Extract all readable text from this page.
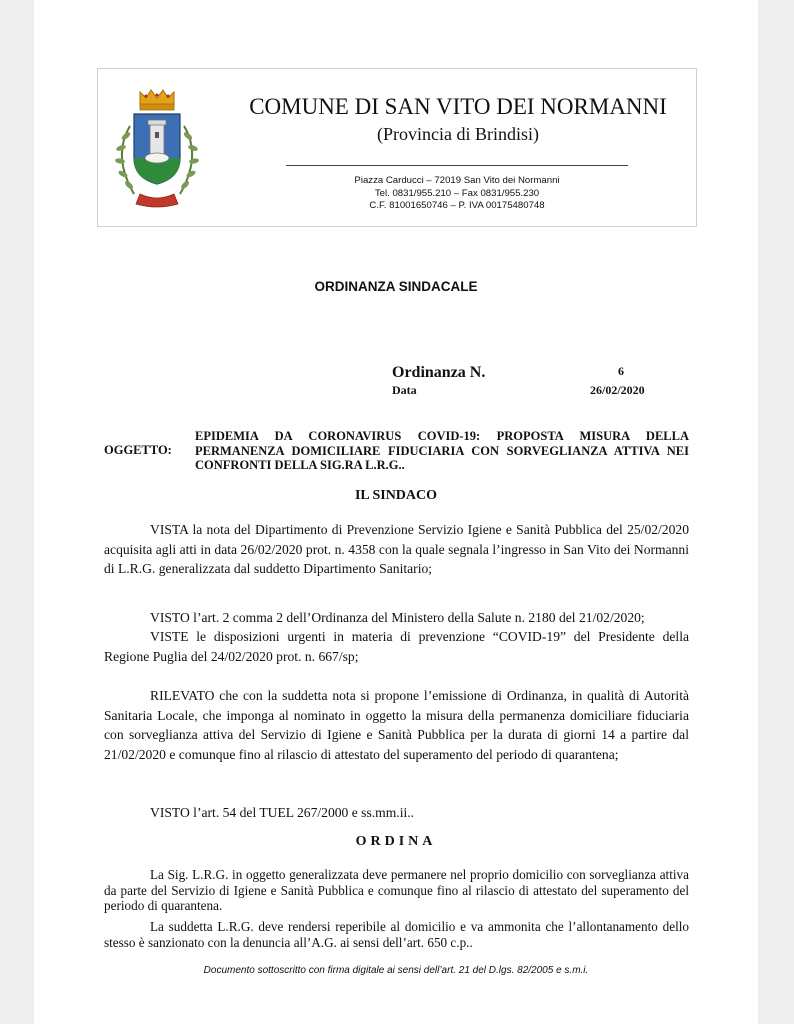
COMUNE DI SAN VITO DEI NORMANNI
(Provincia di Brindisi)
Piazza Carducci – 72019 San Vito dei Normanni
Tel. 0831/955.210 – Fax 0831/955.230
C.F. 81001650746 – P. IVA 00175480748
ORDINANZA SINDACALE
Ordinanza N.	6
Data	26/02/2020
OGGETTO:
EPIDEMIA DA CORONAVIRUS COVID-19: PROPOSTA MISURA DELLA PERMANENZA DOMICILIARE FIDUCIARIA CON SORVEGLIANZA ATTIVA NEI CONFRONTI DELLA SIG.RA L.R.G..
IL SINDACO
VISTA la nota del Dipartimento di Prevenzione Servizio Igiene e Sanità Pubblica del 25/02/2020 acquisita agli atti in data 26/02/2020 prot. n. 4358 con la quale segnala l’ingresso in San Vito dei Normanni di L.R.G. generalizzata dal suddetto Dipartimento Sanitario;
VISTO l’art. 2 comma 2 dell’Ordinanza del Ministero della Salute n. 2180 del 21/02/2020;
VISTE le disposizioni urgenti in materia di prevenzione “COVID-19” del Presidente della Regione Puglia del 24/02/2020 prot. n. 667/sp;
RILEVATO che con la suddetta nota si propone l’emissione di Ordinanza, in qualità di Autorità Sanitaria Locale, che imponga al nominato in oggetto la misura della permanenza domiciliare fiduciaria con sorveglianza attiva del Servizio di Igiene e Sanità Pubblica per la durata di giorni 14 a partire dal 21/02/2020 e comunque fino al rilascio di attestato del superamento del periodo di quarantena;
VISTO l’art. 54 del TUEL 267/2000 e ss.mm.ii..
ORDINA
La Sig. L.R.G. in oggetto generalizzata deve permanere nel proprio domicilio con sorveglianza attiva da parte del Servizio di Igiene e Sanità Pubblica e comunque fino al rilascio di attestato del superamento del periodo di quarantena.
La suddetta L.R.G. deve rendersi reperibile al domicilio e va ammonita che l’allontanamento dello stesso è sanzionato con la denuncia all’A.G. ai sensi dell’art. 650 c.p..
Documento sottoscritto con firma digitale ai sensi dell’art. 21 del D.lgs. 82/2005 e s.m.i.
